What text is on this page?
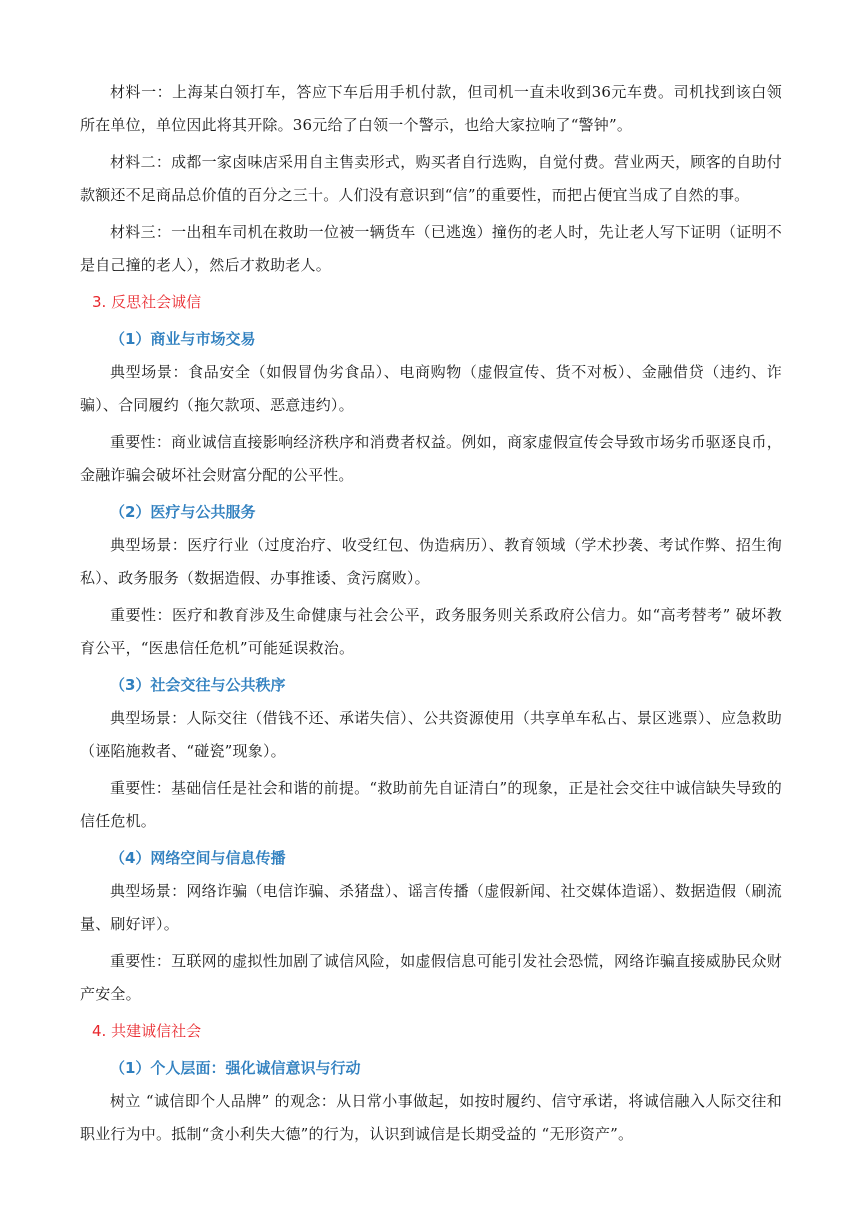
材料一：上海某白领打车，答应下车后用手机付款，但司机一直未收到36元车费。司机找到该白领所在单位，单位因此将其开除。36元给了白领一个警示，也给大家拉响了“警钟”。

材料二：成都一家卤味店采用自主售卖形式，购买者自行选购，自觉付费。营业两天，顾客的自助付款额还不足商品总价值的百分之三十。人们没有意识到“信”的重要性，而把占便宜当成了自然的事。

材料三：一出租车司机在救助一位被一辆货车（已逃逸）撞伤的老人时，先让老人写下证明（证明不是自己撞的老人），然后才救助老人。

3. 反思社会诚信
（1）商业与市场交易

典型场景：食品安全（如假冒伪劣食品）、电商购物（虚假宣传、货不对板）、金融借贷（违约、诈骗）、合同履约（拖欠款项、恶意违约）。

重要性：商业诚信直接影响经济秩序和消费者权益。例如，商家虚假宣传会导致市场劣币驱逐良币，金融诈骗会破坏社会财富分配的公平性。

（2）医疗与公共服务

典型场景：医疗行业（过度治疗、收受红包、伪造病历）、教育领域（学术抄袭、考试作弊、招生徇私）、政务服务（数据造假、办事推诿、贪污腐败）。

重要性：医疗和教育涉及生命健康与社会公平，政务服务则关系政府公信力。如“高考替考” 破坏教育公平，“医患信任危机”可能延误救治。

（3）社会交往与公共秩序

典型场景：人际交往（借钱不还、承诺失信）、公共资源使用（共享单车私占、景区逃票）、应急救助（诬陷施救者、“碰瓷”现象）。

重要性：基础信任是社会和谐的前提。“救助前先自证清白”的现象，正是社会交往中诚信缺失导致的信任危机。

（4）网络空间与信息传播

典型场景：网络诈骗（电信诈骗、杀猪盘）、谣言传播（虚假新闻、社交媒体造谣）、数据造假（刷流量、刷好评）。

重要性：互联网的虚拟性加剧了诚信风险，如虚假信息可能引发社会恐慌，网络诈骗直接威胁民众财产安全。

4. 共建诚信社会
（1）个人层面：强化诚信意识与行动

树立 “诚信即个人品牌” 的观念：从日常小事做起，如按时履约、信守承诺，将诚信融入人际交往和职业行为中。抵制“贪小利失大德”的行为，认识到诚信是长期受益的 “无形资产”。
